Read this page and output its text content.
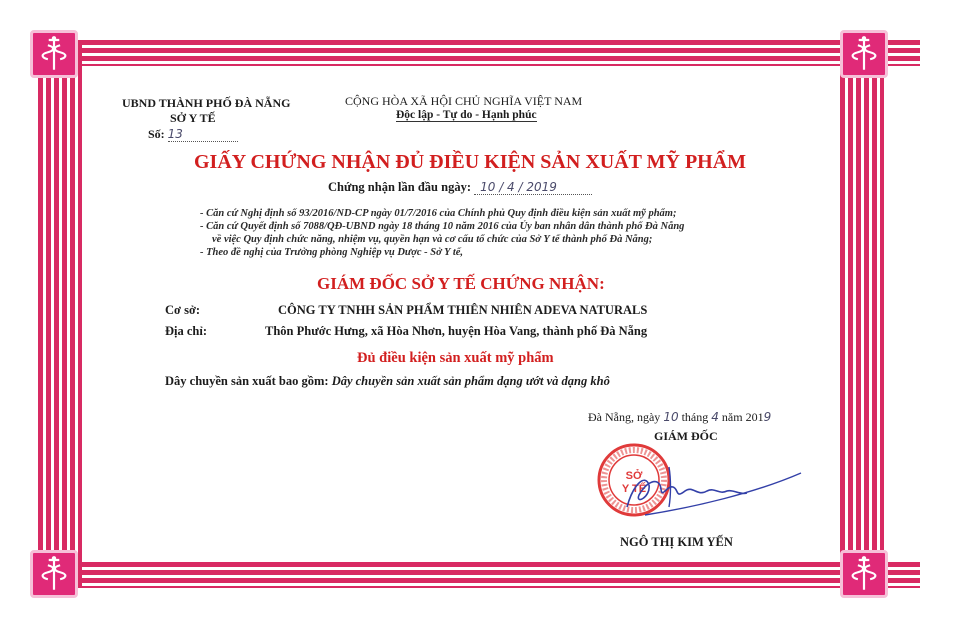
UBND THÀNH PHỐ ĐÀ NẴNG
SỞ Y TẾ
Số: 13
CỘNG HÒA XÃ HỘI CHỦ NGHĨA VIỆT NAM
Độc lập - Tự do - Hạnh phúc
GIẤY CHỨNG NHẬN ĐỦ ĐIỀU KIỆN SẢN XUẤT MỸ PHẨM
Chứng nhận lần đầu ngày: 10 / 4 / 2019
- Căn cứ Nghị định số 93/2016/ND-CP ngày 01/7/2016 của Chính phủ Quy định điều kiện sản xuất mỹ phẩm;
- Căn cứ Quyết định số 7088/QĐ-UBND ngày 18 tháng 10 năm 2016 của Ủy ban nhân dân thành phố Đà Nẵng
về việc Quy định chức năng, nhiệm vụ, quyền hạn và cơ cấu tổ chức của Sở Y tế thành phố Đà Nẵng;
- Theo đề nghị của Trưởng phòng Nghiệp vụ Dược - Sở Y tế,
GIÁM ĐỐC SỞ Y TẾ CHỨNG NHẬN:
Cơ sở:	CÔNG TY TNHH SẢN PHẨM THIÊN NHIÊN ADEVA NATURALS
Địa chỉ:	Thôn Phước Hưng, xã Hòa Nhơn, huyện Hòa Vang, thành phố Đà Nẵng
Đủ điều kiện sản xuất mỹ phẩm
Dây chuyền sản xuất bao gồm: Dây chuyền sản xuất sản phẩm dạng ướt và dạng khô
Đà Nẵng, ngày 10 tháng 4 năm 2019
GIÁM ĐỐC
SỞ
Y TẾ
NGÔ THỊ KIM YẾN
